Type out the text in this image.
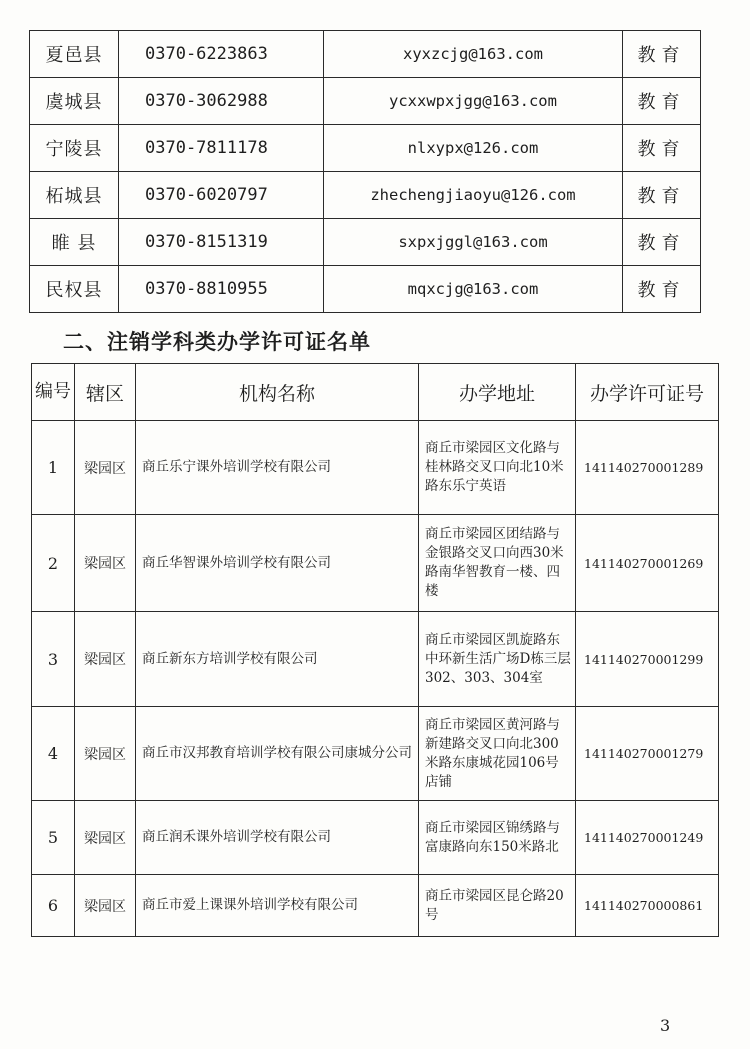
夏邑县	0370-6223863	xyxzcjg@163.com	教育
虞城县	0370-3062988	ycxxwpxjgg@163.com	教育
宁陵县	0370-7811178	nlxypx@126.com	教育
柘城县	0370-6020797	zhechengjiaoyu@126.com	教育
睢 县	0370-8151319	sxpxjggl@163.com	教育
民权县	0370-8810955	mqxcjg@163.com	教育
二、注销学科类办学许可证名单
编号	辖区	机构名称	办学地址	办学许可证号
1	梁园区	商丘乐宁课外培训学校有限公司	商丘市梁园区文化路与桂林路交叉口向北10米路东乐宁英语	141140270001289
2	梁园区	商丘华智课外培训学校有限公司	商丘市梁园区团结路与金银路交叉口向西30米路南华智教育一楼、四楼	141140270001269
3	梁园区	商丘新东方培训学校有限公司	商丘市梁园区凯旋路东中环新生活广场D栋三层302、303、304室	141140270001299
4	梁园区	商丘市汉邦教育培训学校有限公司康城分公司	商丘市梁园区黄河路与新建路交叉口向北300米路东康城花园106号店铺	141140270001279
5	梁园区	商丘润禾课外培训学校有限公司	商丘市梁园区锦绣路与富康路向东150米路北	141140270001249
6	梁园区	商丘市爱上课课外培训学校有限公司	商丘市梁园区昆仑路20号	141140270000861
3
